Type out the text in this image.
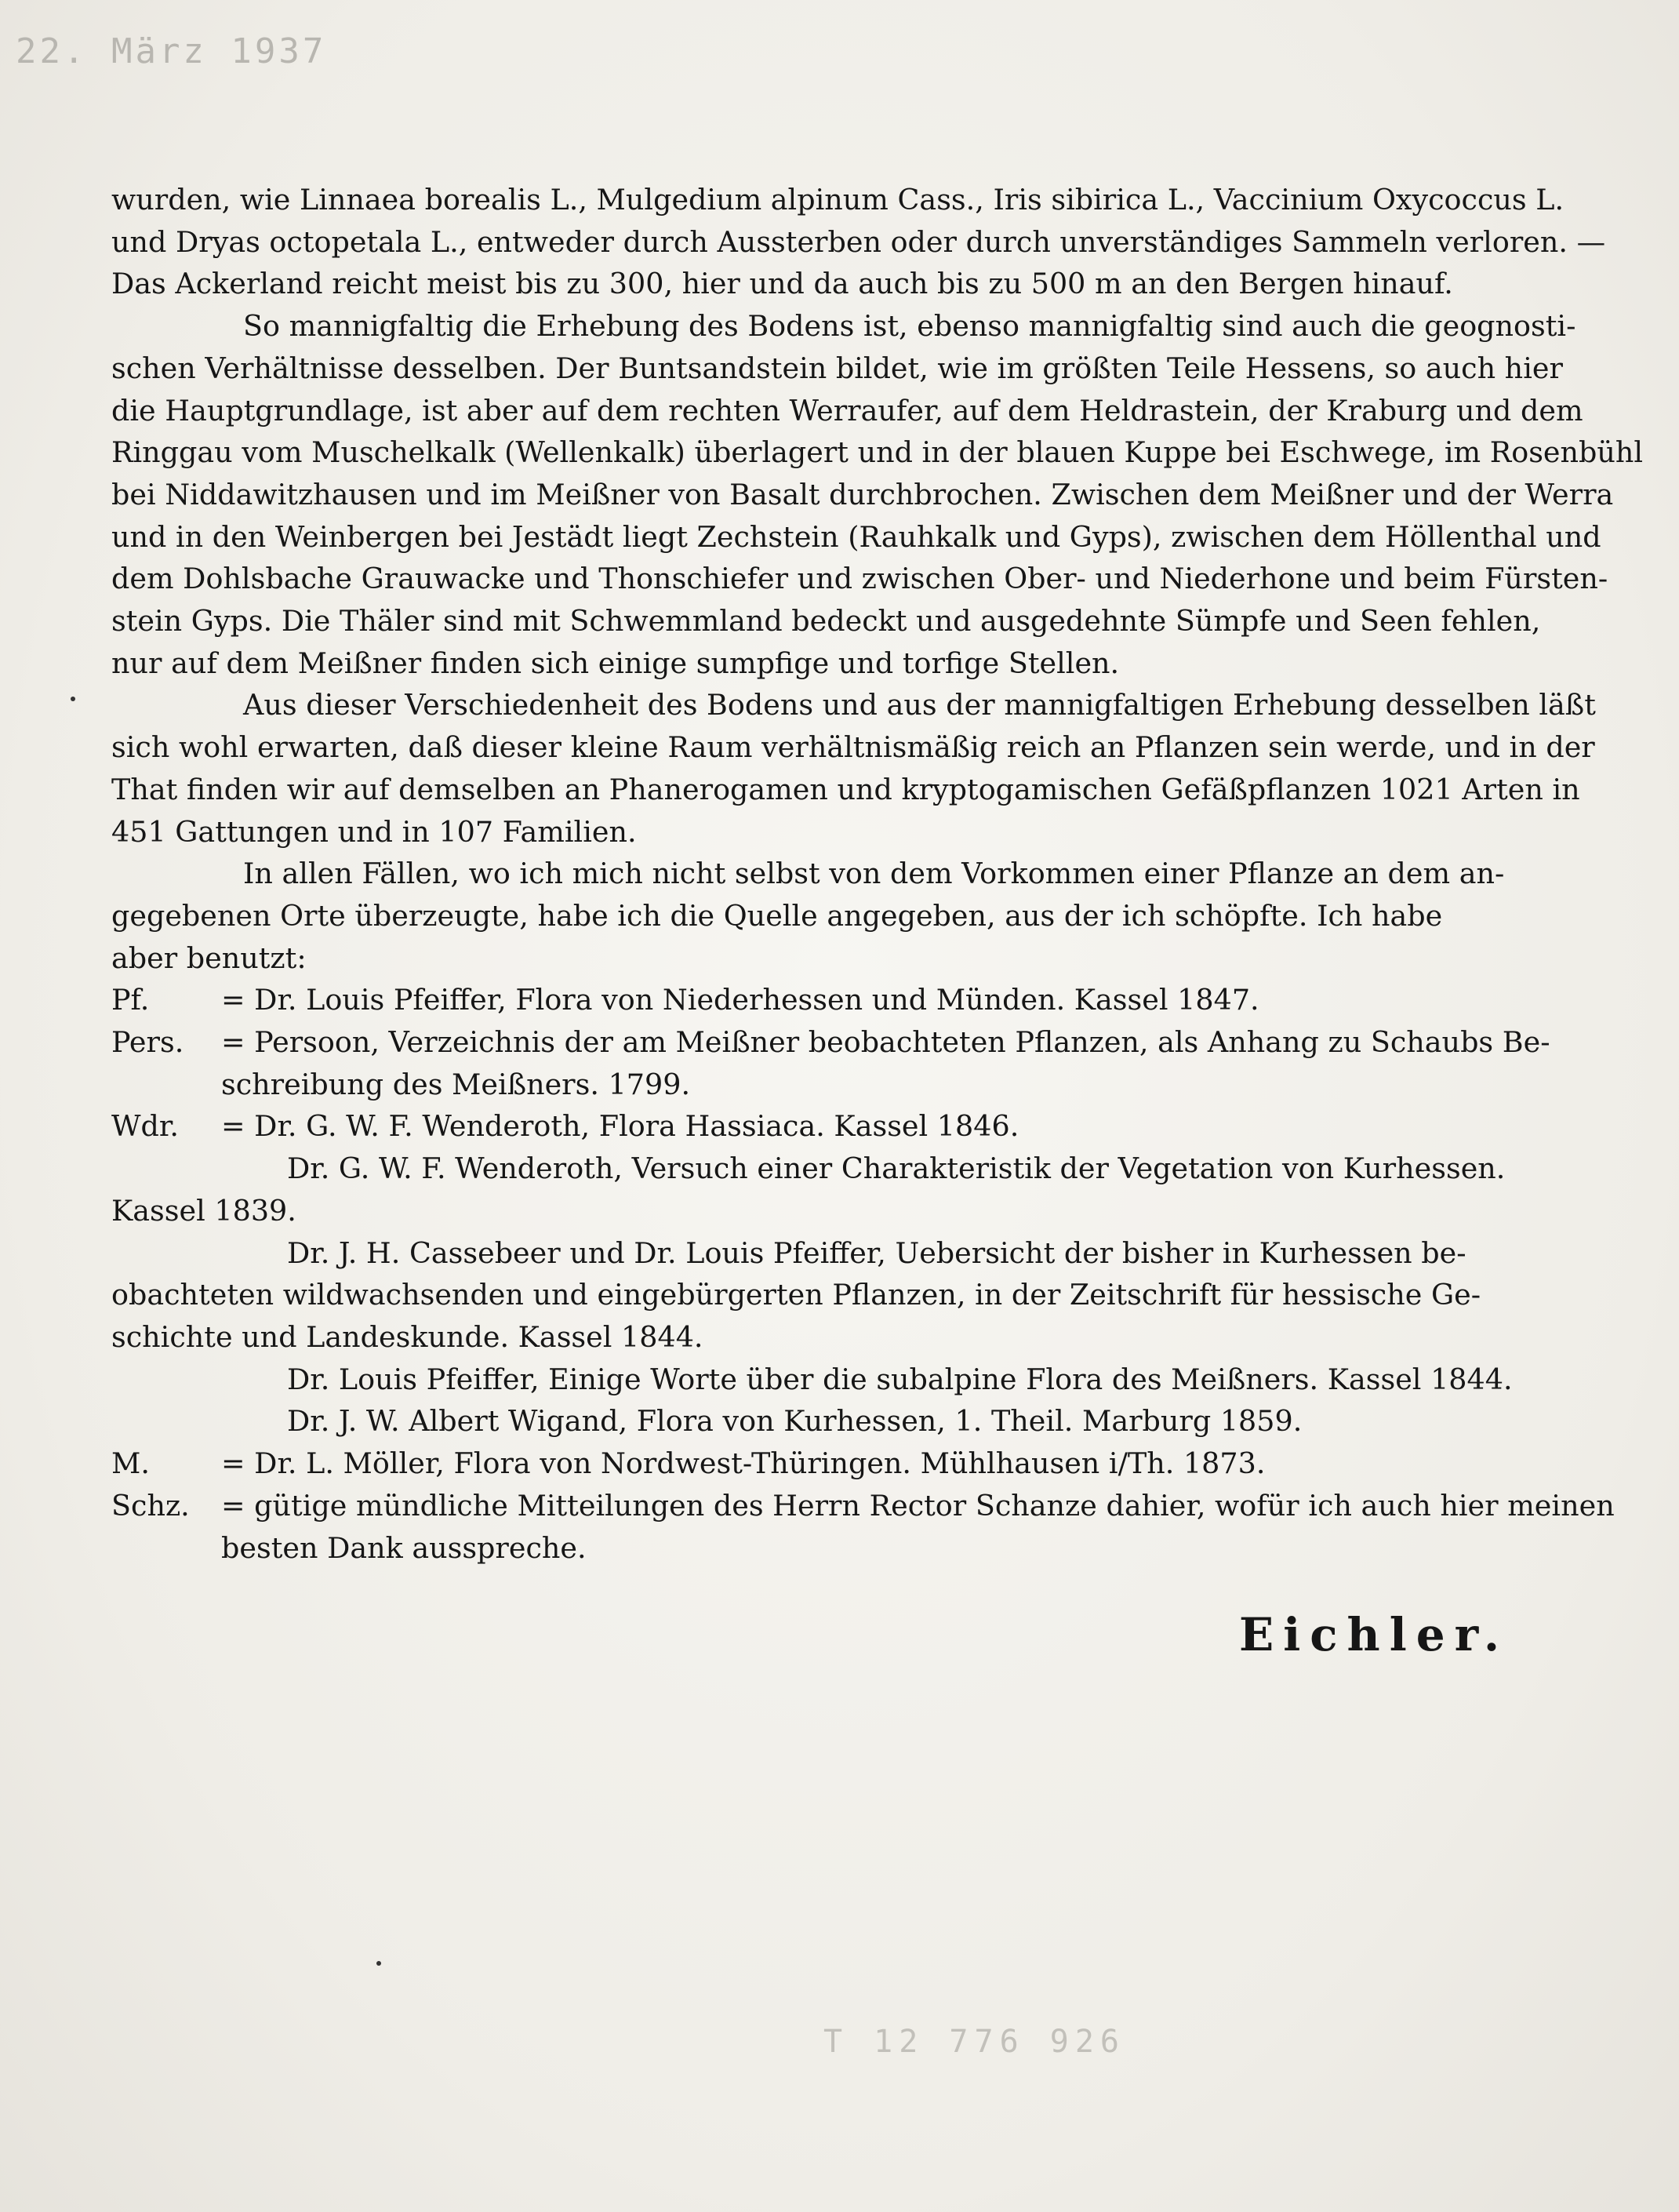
22. März 1937

wurden, wie Linnaea borealis L., Mulgedium alpinum Cass., Iris sibirica L., Vaccinium Oxycoccus L.
und Dryas octopetala L., entweder durch Aussterben oder durch unverständiges Sammeln verloren. —
Das Ackerland reicht meist bis zu 300, hier und da auch bis zu 500 m an den Bergen hinauf.

So mannigfaltig die Erhebung des Bodens ist, ebenso mannigfaltig sind auch die geognosti-
schen Verhältnisse desselben. Der Buntsandstein bildet, wie im größten Teile Hessens, so auch hier
die Hauptgrundlage, ist aber auf dem rechten Werraufer, auf dem Heldrastein, der Kraburg und dem
Ringgau vom Muschelkalk (Wellenkalk) überlagert und in der blauen Kuppe bei Eschwege, im Rosenbühl
bei Niddawitzhausen und im Meißner von Basalt durchbrochen. Zwischen dem Meißner und der Werra
und in den Weinbergen bei Jestädt liegt Zechstein (Rauhkalk und Gyps), zwischen dem Höllenthal und
dem Dohlsbache Grauwacke und Thonschiefer und zwischen Ober- und Niederhone und beim Fürsten-
stein Gyps. Die Thäler sind mit Schwemmland bedeckt und ausgedehnte Sümpfe und Seen fehlen,
nur auf dem Meißner finden sich einige sumpfige und torfige Stellen.

Aus dieser Verschiedenheit des Bodens und aus der mannigfaltigen Erhebung desselben läßt
sich wohl erwarten, daß dieser kleine Raum verhältnismäßig reich an Pflanzen sein werde, und in der
That finden wir auf demselben an Phanerogamen und kryptogamischen Gefäßpflanzen 1021 Arten in
451 Gattungen und in 107 Familien.

In allen Fällen, wo ich mich nicht selbst von dem Vorkommen einer Pflanze an dem an-
gegebenen Orte überzeugte, habe ich die Quelle angegeben, aus der ich schöpfte. Ich habe
aber benutzt:

Pf.	= Dr. Louis Pfeiffer, Flora von Niederhessen und Münden. Kassel 1847.
Pers.	= Persoon, Verzeichnis der am Meißner beobachteten Pflanzen, als Anhang zu Schaubs Be-
schreibung des Meißners. 1799.
Wdr.	= Dr. G. W. F. Wenderoth, Flora Hassiaca. Kassel 1846.
Dr. G. W. F. Wenderoth, Versuch einer Charakteristik der Vegetation von Kurhessen.
Kassel 1839.
Dr. J. H. Cassebeer und Dr. Louis Pfeiffer, Uebersicht der bisher in Kurhessen be-
obachteten wildwachsenden und eingebürgerten Pflanzen, in der Zeitschrift für hessische Ge-
schichte und Landeskunde. Kassel 1844.
Dr. Louis Pfeiffer, Einige Worte über die subalpine Flora des Meißners. Kassel 1844.
Dr. J. W. Albert Wigand, Flora von Kurhessen, 1. Theil. Marburg 1859.
M.	= Dr. L. Möller, Flora von Nordwest-Thüringen. Mühlhausen i/Th. 1873.
Schz.	= gütige mündliche Mitteilungen des Herrn Rector Schanze dahier, wofür ich auch hier meinen
besten Dank ausspreche.
Eichler.
T 12 776 926
